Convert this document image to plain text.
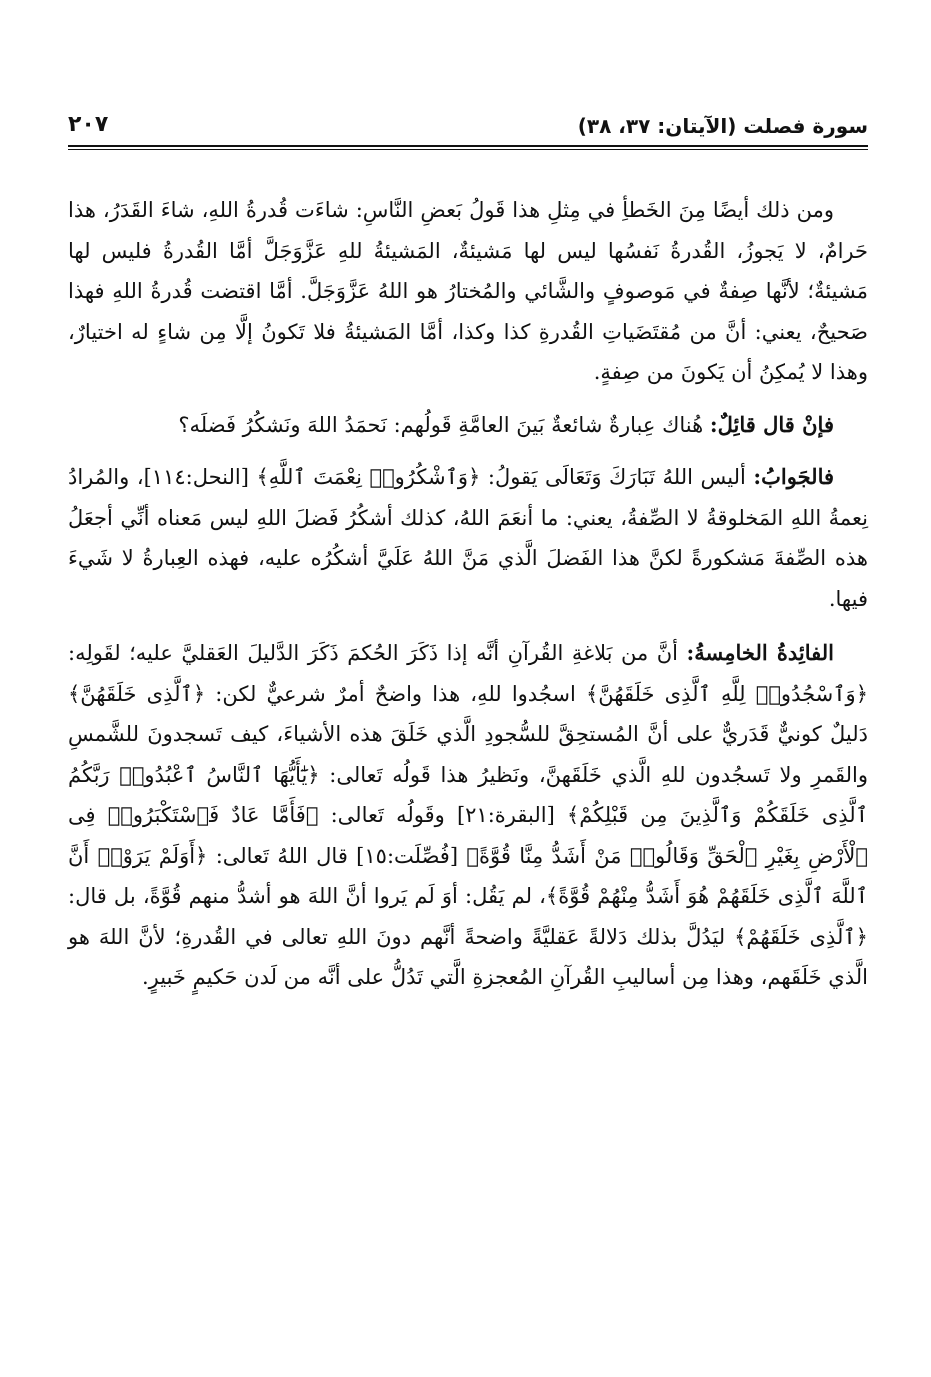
سورة فصلت (الآيتان: ٣٧، ٣٨)
٢٠٧

ومن ذلك أيضًا مِنَ الخَطأِ في مِثلِ هذا قَولُ بَعضِ النَّاسِ: شاءَت قُدرةُ اللهِ، شاءَ القَدَرُ، هذا حَرامٌ، لا يَجوزُ، القُدرةُ نَفسُها ليس لها مَشيئةٌ، المَشيئةُ للهِ عَزَّوَجَلَّ أمَّا القُدرةُ فليس لها مَشيئةٌ؛ لأنَّها صِفةٌ في مَوصوفٍ والشَّائي والمُختارُ هو اللهُ عَزَّوَجَلَّ. أمَّا اقتضت قُدرةُ اللهِ فهذا صَحيحٌ، يعني: أنَّ من مُقتَضَياتِ القُدرةِ كذا وكذا، أمَّا المَشيئةُ فلا تَكونُ إلَّا مِن شاءٍ له اختيارٌ، وهذا لا يُمكِنُ أن يَكونَ من صِفةٍ.

فإنْ قال قائِلٌ: هُناك عِبارةٌ شائعةٌ بَينَ العامَّةِ قَولُهم: نَحمَدُ اللهَ ونَشكُرُ فَضلَه؟

فالجَوابُ: أليس اللهُ تَبَارَكَ وَتَعَالَى يَقولُ: ﴿وَٱشْكُرُوا۟ نِعْمَتَ ٱللَّهِ﴾ [النحل:١١٤]، والمُرادُ نِعمةُ اللهِ المَخلوقةُ لا الصِّفةُ، يعني: ما أنعَمَ اللهُ، كذلك أشكُرُ فَضلَ اللهِ ليس مَعناه أنِّي أجعَلُ هذه الصِّفةَ مَشكورةً لكنَّ هذا الفَضلَ الَّذي مَنَّ اللهُ عَلَيَّ أشكُرُه عليه، فهذه العِبارةُ لا شَيءَ فيها.

الفائِدةُ الخامِسةُ: أنَّ من بَلاغةِ القُرآنِ أنَّه إذا ذَكَرَ الحُكمَ ذَكَرَ الدَّليلَ العَقليَّ عليه؛ لقَولِه: ﴿وَٱسْجُدُوا۟ لِلَّهِ ٱلَّذِى خَلَقَهُنَّ﴾ اسجُدوا للهِ، هذا واضحٌ أمرٌ شرعيٌّ لكن: ﴿ٱلَّذِى خَلَقَهُنَّ﴾ دَليلٌ كونيٌّ قَدَريٌّ على أنَّ المُستحِقَّ للسُّجودِ الَّذي خَلَقَ هذه الأشياءَ، كيف تَسجدونَ للشَّمسِ والقَمرِ ولا تَسجُدون للهِ الَّذي خَلَقَهنَّ، ونَظيرُ هذا قَولُه تَعالى: ﴿يَٰٓأَيُّهَا ٱلنَّاسُ ٱعْبُدُوا۟ رَبَّكُمُ ٱلَّذِى خَلَقَكُمْ وَٱلَّذِينَ مِن قَبْلِكُمْ﴾ [البقرة:٢١] وقَولُه تَعالى: ﴿فَأَمَّا عَادٌ فَٱسْتَكْبَرُوا۟ فِى ٱلْأَرْضِ بِغَيْرِ ٱلْحَقِّ وَقَالُوا۟ مَنْ أَشَدُّ مِنَّا قُوَّةً﴾ [فُصِّلَت:١٥] قال اللهُ تَعالى: ﴿أَوَلَمْ يَرَوْا۟ أَنَّ ٱللَّهَ ٱلَّذِى خَلَقَهُمْ هُوَ أَشَدُّ مِنْهُمْ قُوَّةً﴾، لم يَقُل: أوَ لَم يَروا أنَّ اللهَ هو أشدُّ منهم قُوَّةً، بل قال: ﴿ٱلَّذِى خَلَقَهُمْ﴾ ليَدُلَّ بذلك دَلالةً عَقليَّةً واضحةً أنَّهم دونَ اللهِ تعالى في القُدرةِ؛ لأنَّ اللهَ هو الَّذي خَلَقَهم، وهذا مِن أساليبِ القُرآنِ المُعجزةِ الَّتي تَدُلُّ على أنَّه من لَدن حَكيمٍ خَبيرٍ.
